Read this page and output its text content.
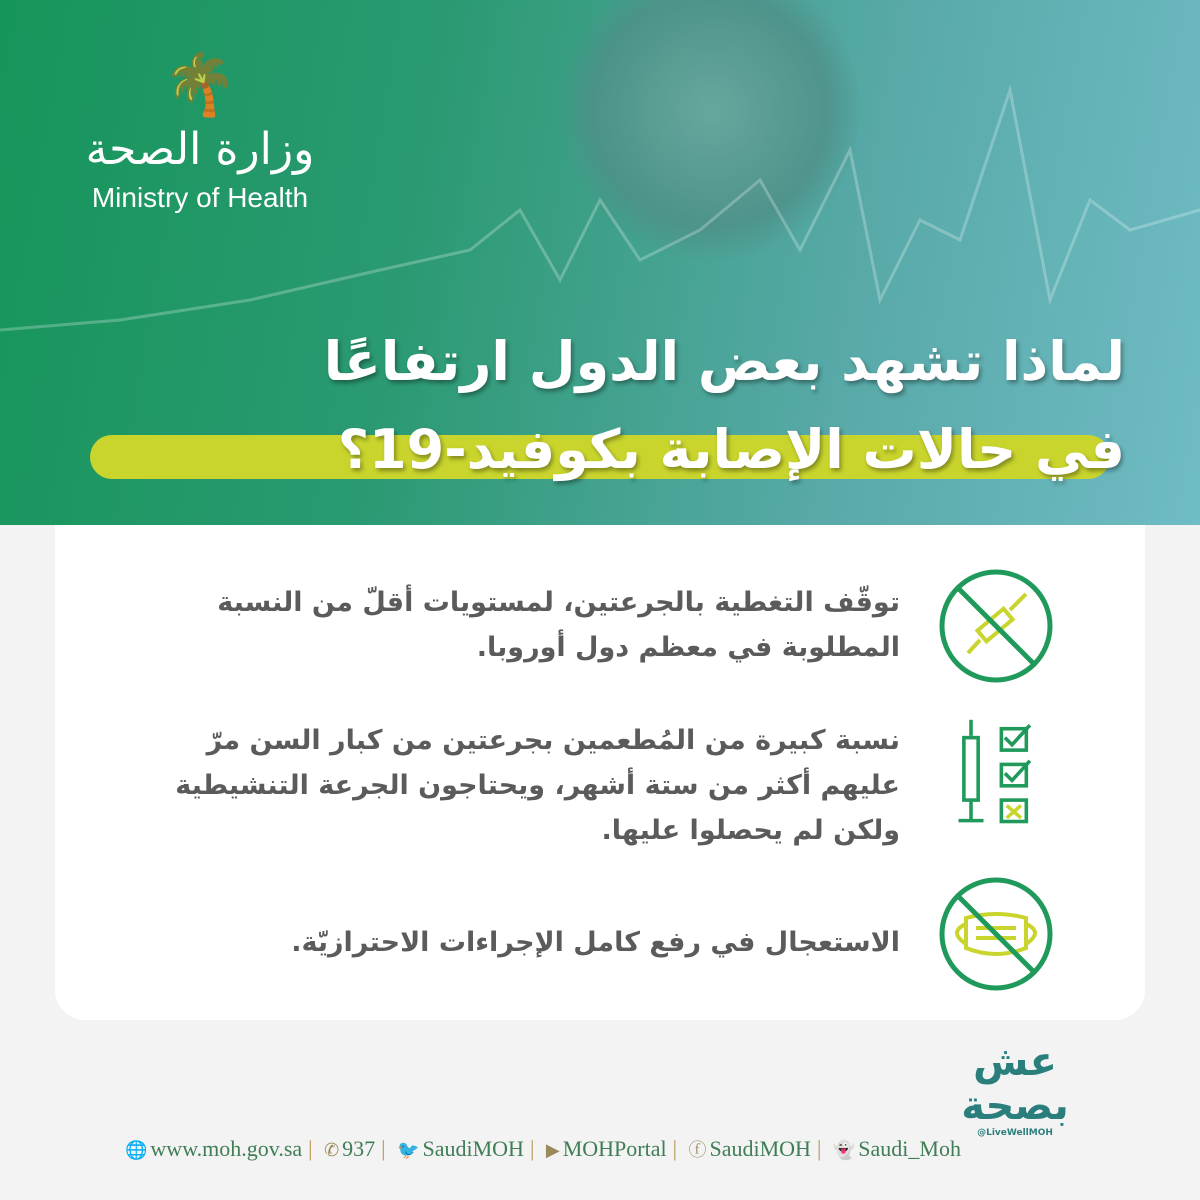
🌴
وزارة الصحة
Ministry of Health
لماذا تشهد بعض الدول ارتفاعًا
في حالات الإصابة بكوفيد-19؟
توقّف التغطية بالجرعتين، لمستويات أقلّ من النسبة المطلوبة في معظم دول أوروبا.
نسبة كبيرة من المُطعمين بجرعتين من كبار السن مرّ عليهم أكثر من ستة أشهر، ويحتاجون الجرعة التنشيطية ولكن لم يحصلوا عليها.
الاستعجال في رفع كامل الإجراءات الاحترازيّة.
عش بصحة
@LiveWellMOH
🌐 www.moh.gov.sa | ✆ 937 | 🐦 SaudiMOH | ▶ MOHPortal | ⓕ SaudiMOH | 👻 Saudi_Moh
